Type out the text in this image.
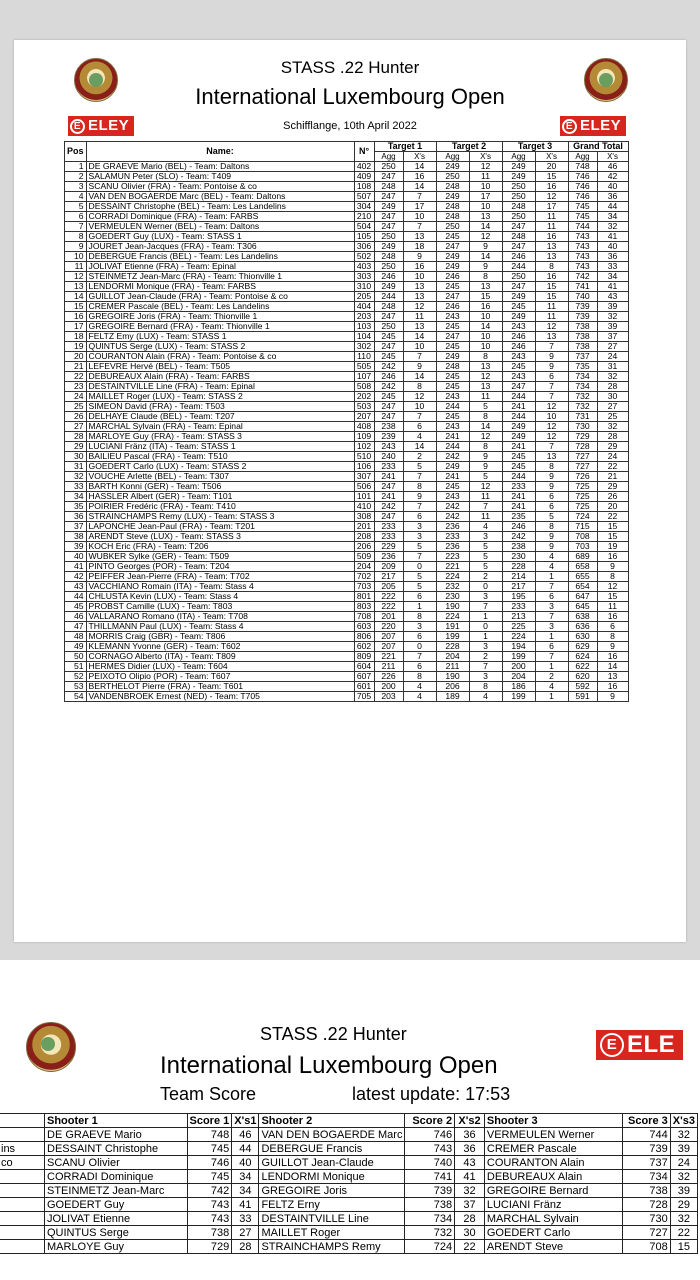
STASS .22 Hunter
International Luxembourg Open
Schifflange, 10th April 2022
E ELEY	E ELEY
Pos	Name:	N°	Target 1		Target 2		Target 3		Grand Total	
			Agg	X's	Agg	X's	Agg	X's	Agg	X's
1	DE GRAEVE Mario (BEL) - Team: Daltons	402	250	14	249	12	249	20	748	46
2	SALAMUN Peter (SLO) - Team: T409	409	247	16	250	11	249	15	746	42
3	SCANU Olivier (FRA) - Team: Pontoise & co	108	248	14	248	10	250	16	746	40
4	VAN DEN BOGAERDE Marc (BEL) - Team: Daltons	507	247	7	249	17	250	12	746	36
5	DESSAINT Christophe (BEL) - Team: Les Landelins	304	249	17	248	10	248	17	745	44
6	CORRADI Dominique (FRA) - Team: FARBS	210	247	10	248	13	250	11	745	34
7	VERMEULEN Werner (BEL) - Team: Daltons	504	247	7	250	14	247	11	744	32
8	GOEDERT Guy (LUX) - Team: STASS 1	105	250	13	245	12	248	16	743	41
9	JOURET Jean-Jacques (FRA) - Team: T306	306	249	18	247	9	247	13	743	40
10	DEBERGUE Francis (BEL) - Team: Les Landelins	502	248	9	249	14	246	13	743	36
11	JOLIVAT Etienne (FRA) - Team: Epinal	403	250	16	249	9	244	8	743	33
12	STEINMETZ Jean-Marc (FRA) - Team: Thionville 1	303	246	10	246	8	250	16	742	34
13	LENDORMI Monique (FRA) - Team: FARBS	310	249	13	245	13	247	15	741	41
14	GUILLOT Jean-Claude (FRA) - Team: Pontoise & co	205	244	13	247	15	249	15	740	43
15	CREMER Pascale (BEL) - Team: Les Landelins	404	248	12	246	16	245	11	739	39
16	GREGOIRE Joris (FRA) - Team: Thionville 1	203	247	11	243	10	249	11	739	32
17	GREGOIRE Bernard (FRA) - Team: Thionville 1	103	250	13	245	14	243	12	738	39
18	FELTZ Emy (LUX) - Team: STASS 1	104	245	14	247	10	246	13	738	37
19	QUINTUS Serge (LUX) - Team: STASS 2	302	247	10	245	10	246	7	738	27
20	COURANTON Alain (FRA) - Team: Pontoise & co	110	245	7	249	8	243	9	737	24
21	LEFEVRE Hervé (BEL) - Team: T505	505	242	9	248	13	245	9	735	31
22	DEBUREAUX Alain (FRA) - Team: FARBS	107	246	14	245	12	243	6	734	32
23	DESTAINTVILLE Line (FRA) - Team: Epinal	508	242	8	245	13	247	7	734	28
24	MAILLET Roger (LUX) - Team: STASS 2	202	245	12	243	11	244	7	732	30
25	SIMEON David (FRA) - Team: T503	503	247	10	244	5	241	12	732	27
26	DELHAYE Claude (BEL) - Team: T207	207	247	7	245	8	244	10	731	25
27	MARCHAL Sylvain (FRA) - Team: Epinal	408	238	6	243	14	249	12	730	32
28	MARLOYE Guy (FRA) - Team: STASS 3	109	239	4	241	12	249	12	729	28
29	LUCIANI Fränz (ITA) - Team: STASS 1	102	243	14	244	8	241	7	728	29
30	BAILIEU Pascal (FRA) - Team: T510	510	240	2	242	9	245	13	727	24
31	GOEDERT Carlo (LUX) - Team: STASS 2	106	233	5	249	9	245	8	727	22
32	VOUCHE Arlette (BEL) - Team: T307	307	241	7	241	5	244	9	726	21
33	BARTH Konni (GER) - Team: T506	506	247	8	245	12	233	9	725	29
34	HASSLER Albert (GER) - Team: T101	101	241	9	243	11	241	6	725	26
35	POIRIER Fredéric (FRA) - Team: T410	410	242	7	242	7	241	6	725	20
36	STRAINCHAMPS Remy (LUX) - Team: STASS 3	308	247	6	242	11	235	5	724	22
37	LAPONCHE Jean-Paul (FRA) - Team: T201	201	233	3	236	4	246	8	715	15
38	ARENDT Steve (LUX) - Team: STASS 3	208	233	3	233	3	242	9	708	15
39	KOCH Eric (FRA) - Team: T206	206	229	5	236	5	238	9	703	19
40	WUBKER Sylke (GER) - Team: T509	509	236	7	223	5	230	4	689	16
41	PINTO Georges (POR) - Team: T204	204	209	0	221	5	228	4	658	9
42	PEIFFER Jean-Pierre (FRA) - Team: T702	702	217	5	224	2	214	1	655	8
43	VACCHIANO Romain (ITA) - Team: Stass 4	703	205	5	232	0	217	7	654	12
44	CHLUSTA Kevin (LUX) - Team: Stass 4	801	222	6	230	3	195	6	647	15
45	PROBST Camille (LUX) - Team: T803	803	222	1	190	7	233	3	645	11
46	VALLARANO Romano (ITA) - Team: T708	708	201	8	224	1	213	7	638	16
47	THILLMANN Paul (LUX) - Team: Stass 4	603	220	3	191	0	225	3	636	6
48	MORRIS Craig (GBR) - Team: T806	806	207	6	199	1	224	1	630	8
49	KLEMANN Yvonne (GER) - Team: T602	602	207	0	228	3	194	6	629	9
50	CORNAGO Alberto (ITA) - Team: T809	809	221	7	204	2	199	7	624	16
51	HERMES Didier (LUX) - Team: T604	604	211	6	211	7	200	1	622	14
52	PEIXOTO Olipio (POR) - Team: T607	607	226	8	190	3	204	2	620	13
53	BERTHELOT Pierre (FRA) - Team: T601	601	200	4	206	8	186	4	592	16
54	VANDENBROEK Ernest (NED) - Team: T705	705	203	4	189	4	199	1	591	9
STASS .22 Hunter
International Luxembourg Open
Team Score	latest update: 17:53
E ELE
	Shooter 1	Score 1	X's1	Shooter 2	Score 2	X's2	Shooter 3	Score 3	X's3
	DE GRAEVE Mario	748	46	VAN DEN BOGAERDE Marc	746	36	VERMEULEN Werner	744	32
ins	DESSAINT Christophe	745	44	DEBERGUE Francis	743	36	CREMER Pascale	739	39
co	SCANU Olivier	746	40	GUILLOT Jean-Claude	740	43	COURANTON Alain	737	24
	CORRADI Dominique	745	34	LENDORMI Monique	741	41	DEBUREAUX Alain	734	32
	STEINMETZ Jean-Marc	742	34	GREGOIRE Joris	739	32	GREGOIRE Bernard	738	39
	GOEDERT Guy	743	41	FELTZ Erny	738	37	LUCIANI Fränz	728	29
	JOLIVAT Etienne	743	33	DESTAINTVILLE Line	734	28	MARCHAL Sylvain	730	32
	QUINTUS Serge	738	27	MAILLET Roger	732	30	GOEDERT Carlo	727	22
	MARLOYE Guy	729	28	STRAINCHAMPS Remy	724	22	ARENDT Steve	708	15
